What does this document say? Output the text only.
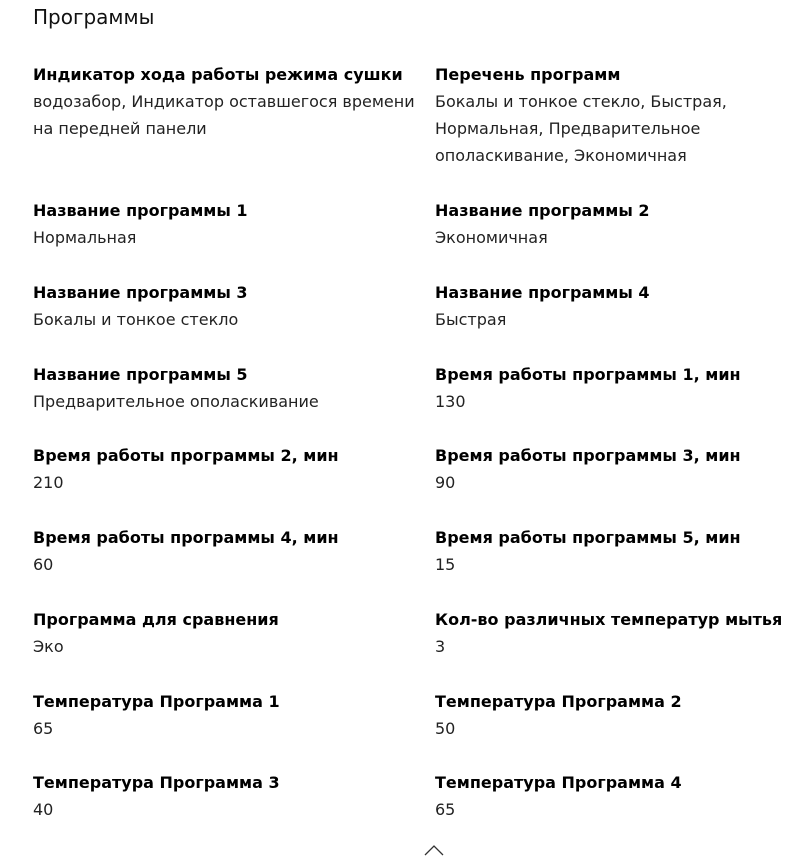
Программы
Индикатор хода работы режима сушки
водозабор, Индикатор оставшегося времени на передней панели
Перечень программ
Бокалы и тонкое стекло, Быстрая, Нормальная, Предварительное ополаскивание, Экономичная
Название программы 1
Нормальная
Название программы 2
Экономичная
Название программы 3
Бокалы и тонкое стекло
Название программы 4
Быстрая
Название программы 5
Предварительное ополаскивание
Время работы программы 1, мин
130
Время работы программы 2, мин
210
Время работы программы 3, мин
90
Время работы программы 4, мин
60
Время работы программы 5, мин
15
Программа для сравнения
Эко
Кол-во различных температур мытья
3
Температура Программа 1
65
Температура Программа 2
50
Температура Программа 3
40
Температура Программа 4
65
